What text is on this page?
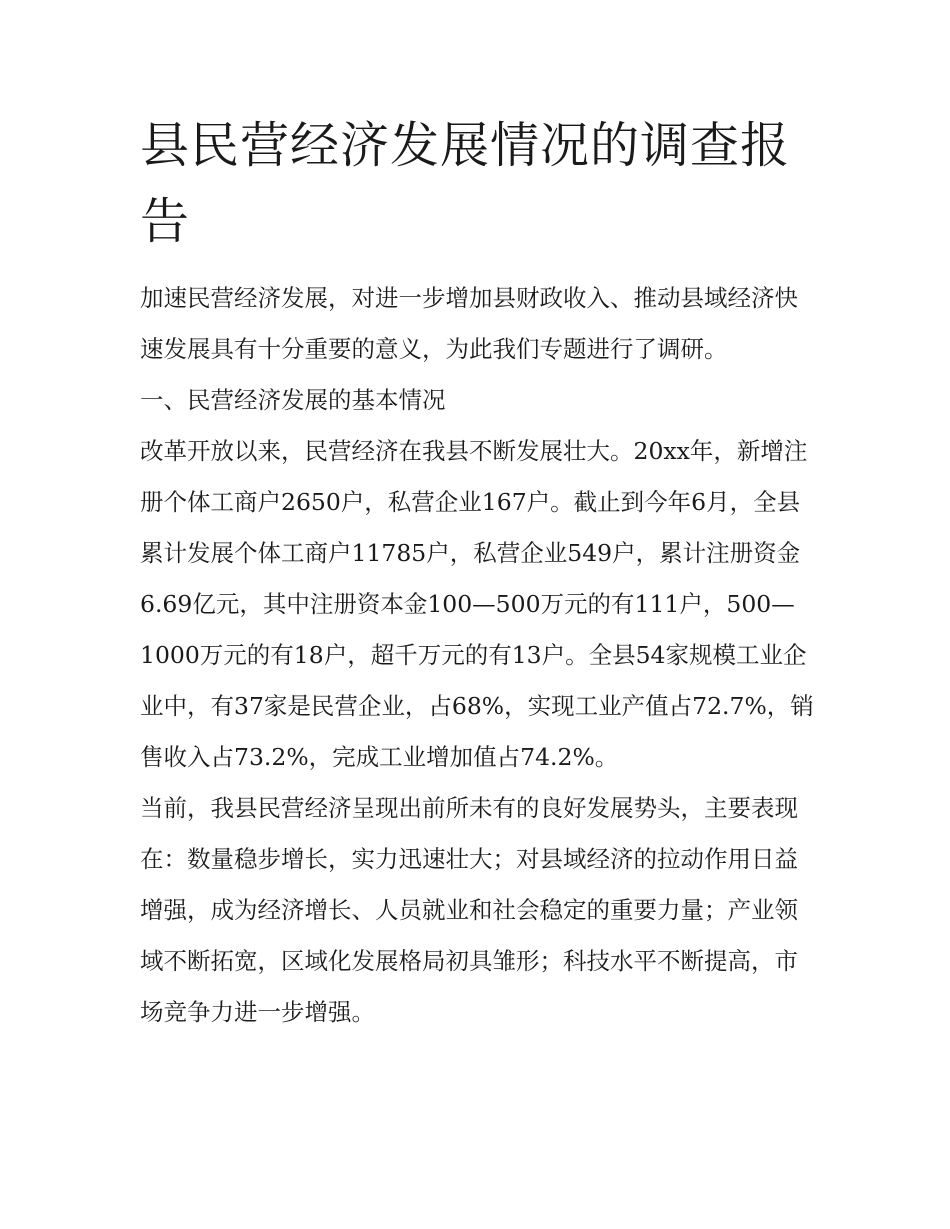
县民营经济发展情况的调查报告

加速民营经济发展，对进一步增加县财政收入、推动县域经济快速发展具有十分重要的意义，为此我们专题进行了调研。

一、民营经济发展的基本情况

改革开放以来，民营经济在我县不断发展壮大。20xx年，新增注册个体工商户2650户，私营企业167户。截止到今年6月，全县累计发展个体工商户11785户，私营企业549户，累计注册资金6.69亿元，其中注册资本金100—500万元的有111户，500—1000万元的有18户，超千万元的有13户。全县54家规模工业企业中，有37家是民营企业，占68%，实现工业产值占72.7%，销售收入占73.2%，完成工业增加值占74.2%。

当前，我县民营经济呈现出前所未有的良好发展势头，主要表现在：数量稳步增长，实力迅速壮大；对县域经济的拉动作用日益增强，成为经济增长、人员就业和社会稳定的重要力量；产业领域不断拓宽，区域化发展格局初具雏形；科技水平不断提高，市场竞争力进一步增强。
